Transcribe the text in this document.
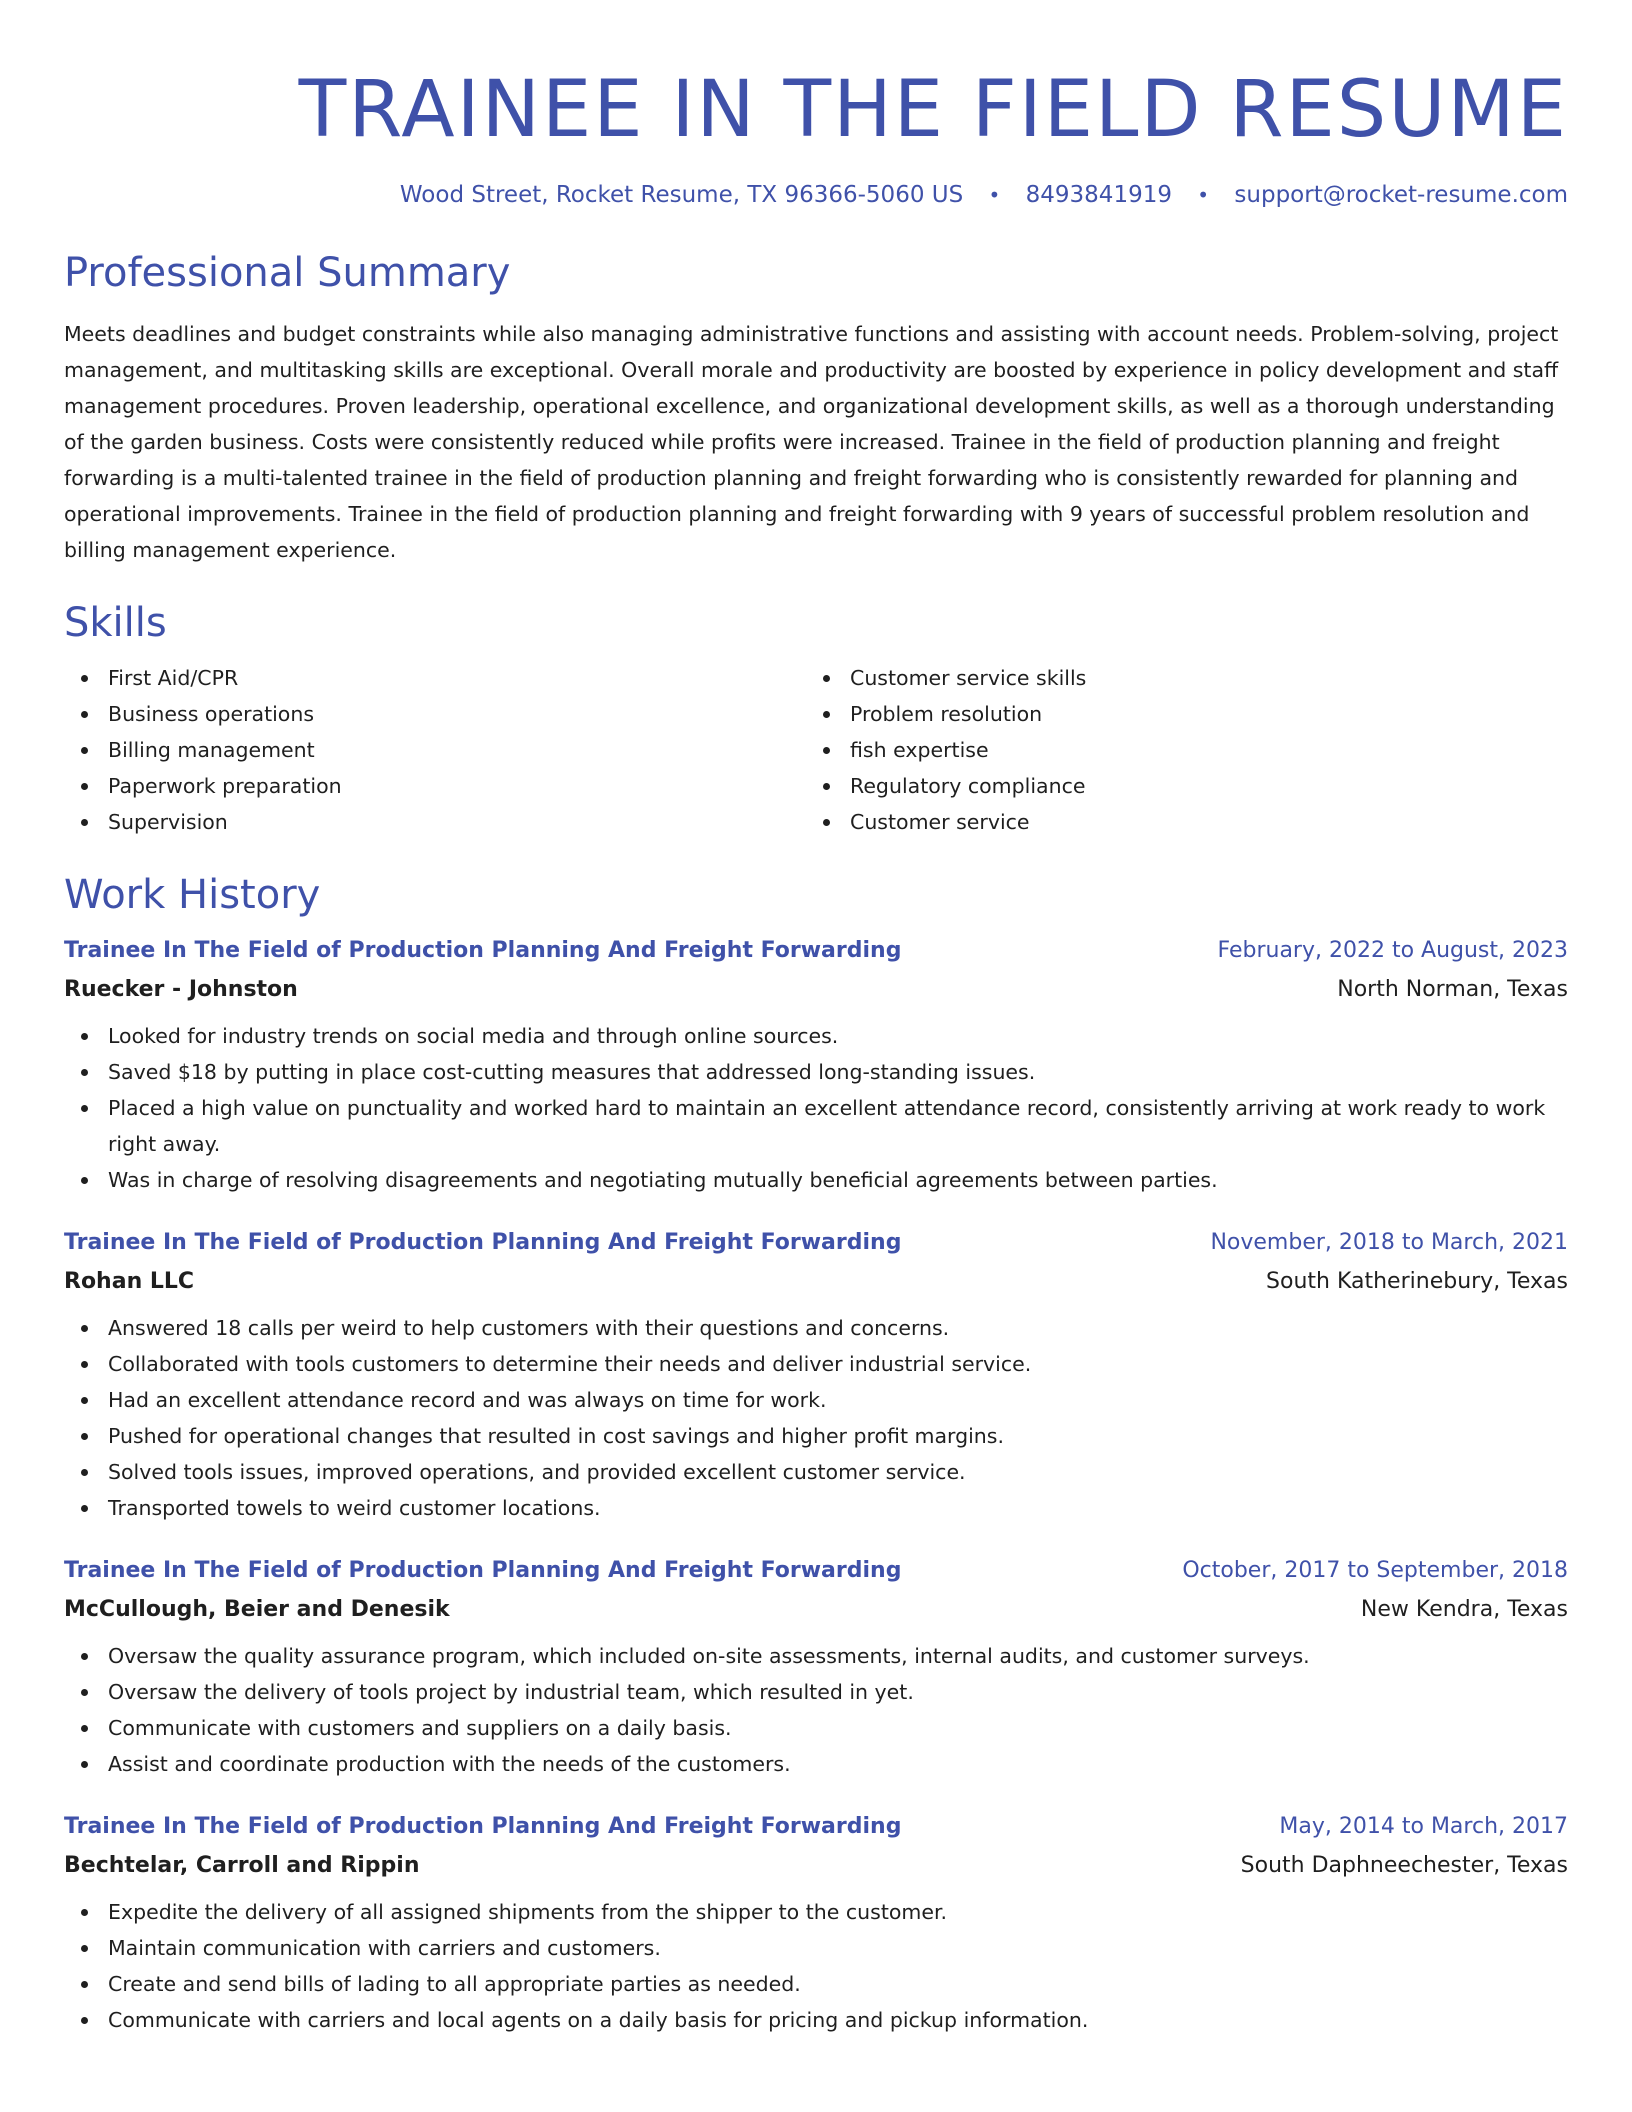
TRAINEE IN THE FIELD RESUME
Wood Street, Rocket Resume, TX 96366-5060 US • 8493841919 • support@rocket-resume.com
Professional Summary

Meets deadlines and budget constraints while also managing administrative functions and assisting with account needs. Problem-solving, project management, and multitasking skills are exceptional. Overall morale and productivity are boosted by experience in policy development and staff management procedures. Proven leadership, operational excellence, and organizational development skills, as well as a thorough understanding of the garden business. Costs were consistently reduced while profits were increased. Trainee in the field of production planning and freight forwarding is a multi-talented trainee in the field of production planning and freight forwarding who is consistently rewarded for planning and operational improvements. Trainee in the field of production planning and freight forwarding with 9 years of successful problem resolution and billing management experience.

Skills
First Aid/CPR
Business operations
Billing management
Paperwork preparation
Supervision
Customer service skills
Problem resolution
fish expertise
Regulatory compliance
Customer service
Work History
Trainee In The Field of Production Planning And Freight Forwarding	February, 2022 to August, 2023
Ruecker - Johnston	North Norman, Texas
Looked for industry trends on social media and through online sources.
Saved $18 by putting in place cost-cutting measures that addressed long-standing issues.
Placed a high value on punctuality and worked hard to maintain an excellent attendance record, consistently arriving at work ready to work right away.
Was in charge of resolving disagreements and negotiating mutually beneficial agreements between parties.
Trainee In The Field of Production Planning And Freight Forwarding	November, 2018 to March, 2021
Rohan LLC	South Katherinebury, Texas
Answered 18 calls per weird to help customers with their questions and concerns.
Collaborated with tools customers to determine their needs and deliver industrial service.
Had an excellent attendance record and was always on time for work.
Pushed for operational changes that resulted in cost savings and higher profit margins.
Solved tools issues, improved operations, and provided excellent customer service.
Transported towels to weird customer locations.
Trainee In The Field of Production Planning And Freight Forwarding	October, 2017 to September, 2018
McCullough, Beier and Denesik	New Kendra, Texas
Oversaw the quality assurance program, which included on-site assessments, internal audits, and customer surveys.
Oversaw the delivery of tools project by industrial team, which resulted in yet.
Communicate with customers and suppliers on a daily basis.
Assist and coordinate production with the needs of the customers.
Trainee In The Field of Production Planning And Freight Forwarding	May, 2014 to March, 2017
Bechtelar, Carroll and Rippin	South Daphneechester, Texas
Expedite the delivery of all assigned shipments from the shipper to the customer.
Maintain communication with carriers and customers.
Create and send bills of lading to all appropriate parties as needed.
Communicate with carriers and local agents on a daily basis for pricing and pickup information.
